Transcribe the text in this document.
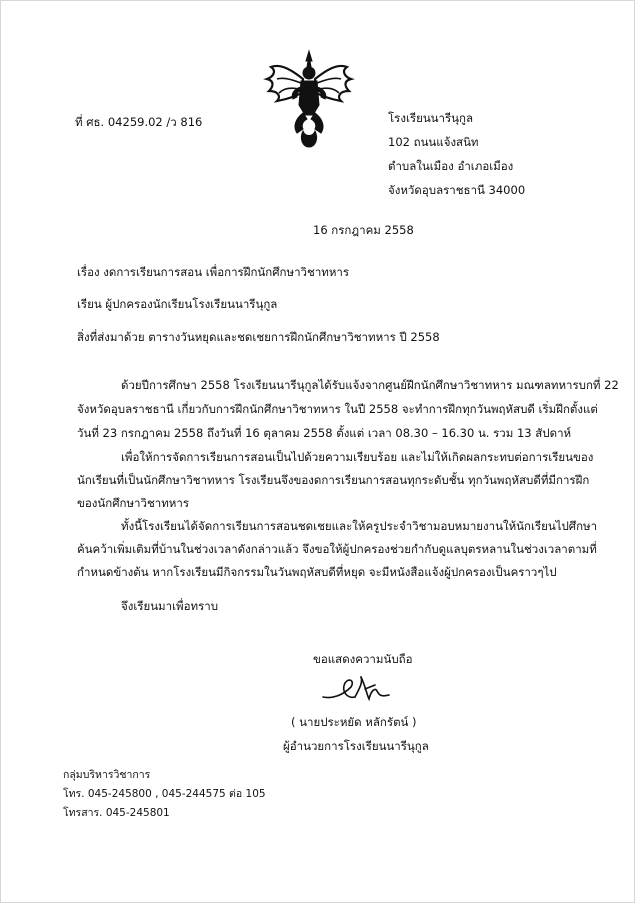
ที่ ศธ. 04259.02 /ว 816	โรงเรียนนารีนุกูล
102 ถนนแจ้งสนิท
ตำบลในเมือง อำเภอเมือง
จังหวัดอุบลราชธานี 34000
16 กรกฎาคม 2558
เรื่อง งดการเรียนการสอน เพื่อการฝึกนักศึกษาวิชาทหาร
เรียน ผู้ปกครองนักเรียนโรงเรียนนารีนุกูล
สิ่งที่ส่งมาด้วย ตารางวันหยุดและชดเชยการฝึกนักศึกษาวิชาทหาร ปี 2558
ด้วยปีการศึกษา 2558 โรงเรียนนารีนุกูลได้รับแจ้งจากศูนย์ฝึกนักศึกษาวิชาทหาร มณฑลทหารบกที่ 22
จังหวัดอุบลราชธานี เกี่ยวกับการฝึกนักศึกษาวิชาทหาร ในปี 2558 จะทำการฝึกทุกวันพฤหัสบดี เริ่มฝึกตั้งแต่
วันที่ 23 กรกฎาคม 2558 ถึงวันที่ 16 ตุลาคม 2558 ตั้งแต่ เวลา 08.30 – 16.30 น. รวม 13 สัปดาห์
เพื่อให้การจัดการเรียนการสอนเป็นไปด้วยความเรียบร้อย และไม่ให้เกิดผลกระทบต่อการเรียนของ
นักเรียนที่เป็นนักศึกษาวิชาทหาร โรงเรียนจึงของดการเรียนการสอนทุกระดับชั้น ทุกวันพฤหัสบดีที่มีการฝึก
ของนักศึกษาวิชาทหาร
ทั้งนี้โรงเรียนได้จัดการเรียนการสอนชดเชยและให้ครูประจำวิชามอบหมายงานให้นักเรียนไปศึกษา
ค้นคว้าเพิ่มเติมที่บ้านในช่วงเวลาดังกล่าวแล้ว จึงขอให้ผู้ปกครองช่วยกำกับดูแลบุตรหลานในช่วงเวลาตามที่
กำหนดข้างต้น หากโรงเรียนมีกิจกรรมในวันพฤหัสบดีที่หยุด จะมีหนังสือแจ้งผู้ปกครองเป็นคราวๆไป
จึงเรียนมาเพื่อทราบ
ขอแสดงความนับถือ
( นายประหยัด หลักรัตน์ )
ผู้อำนวยการโรงเรียนนารีนุกูล
กลุ่มบริหารวิชาการ
โทร. 045-245800 , 045-244575 ต่อ 105
โทรสาร. 045-245801
